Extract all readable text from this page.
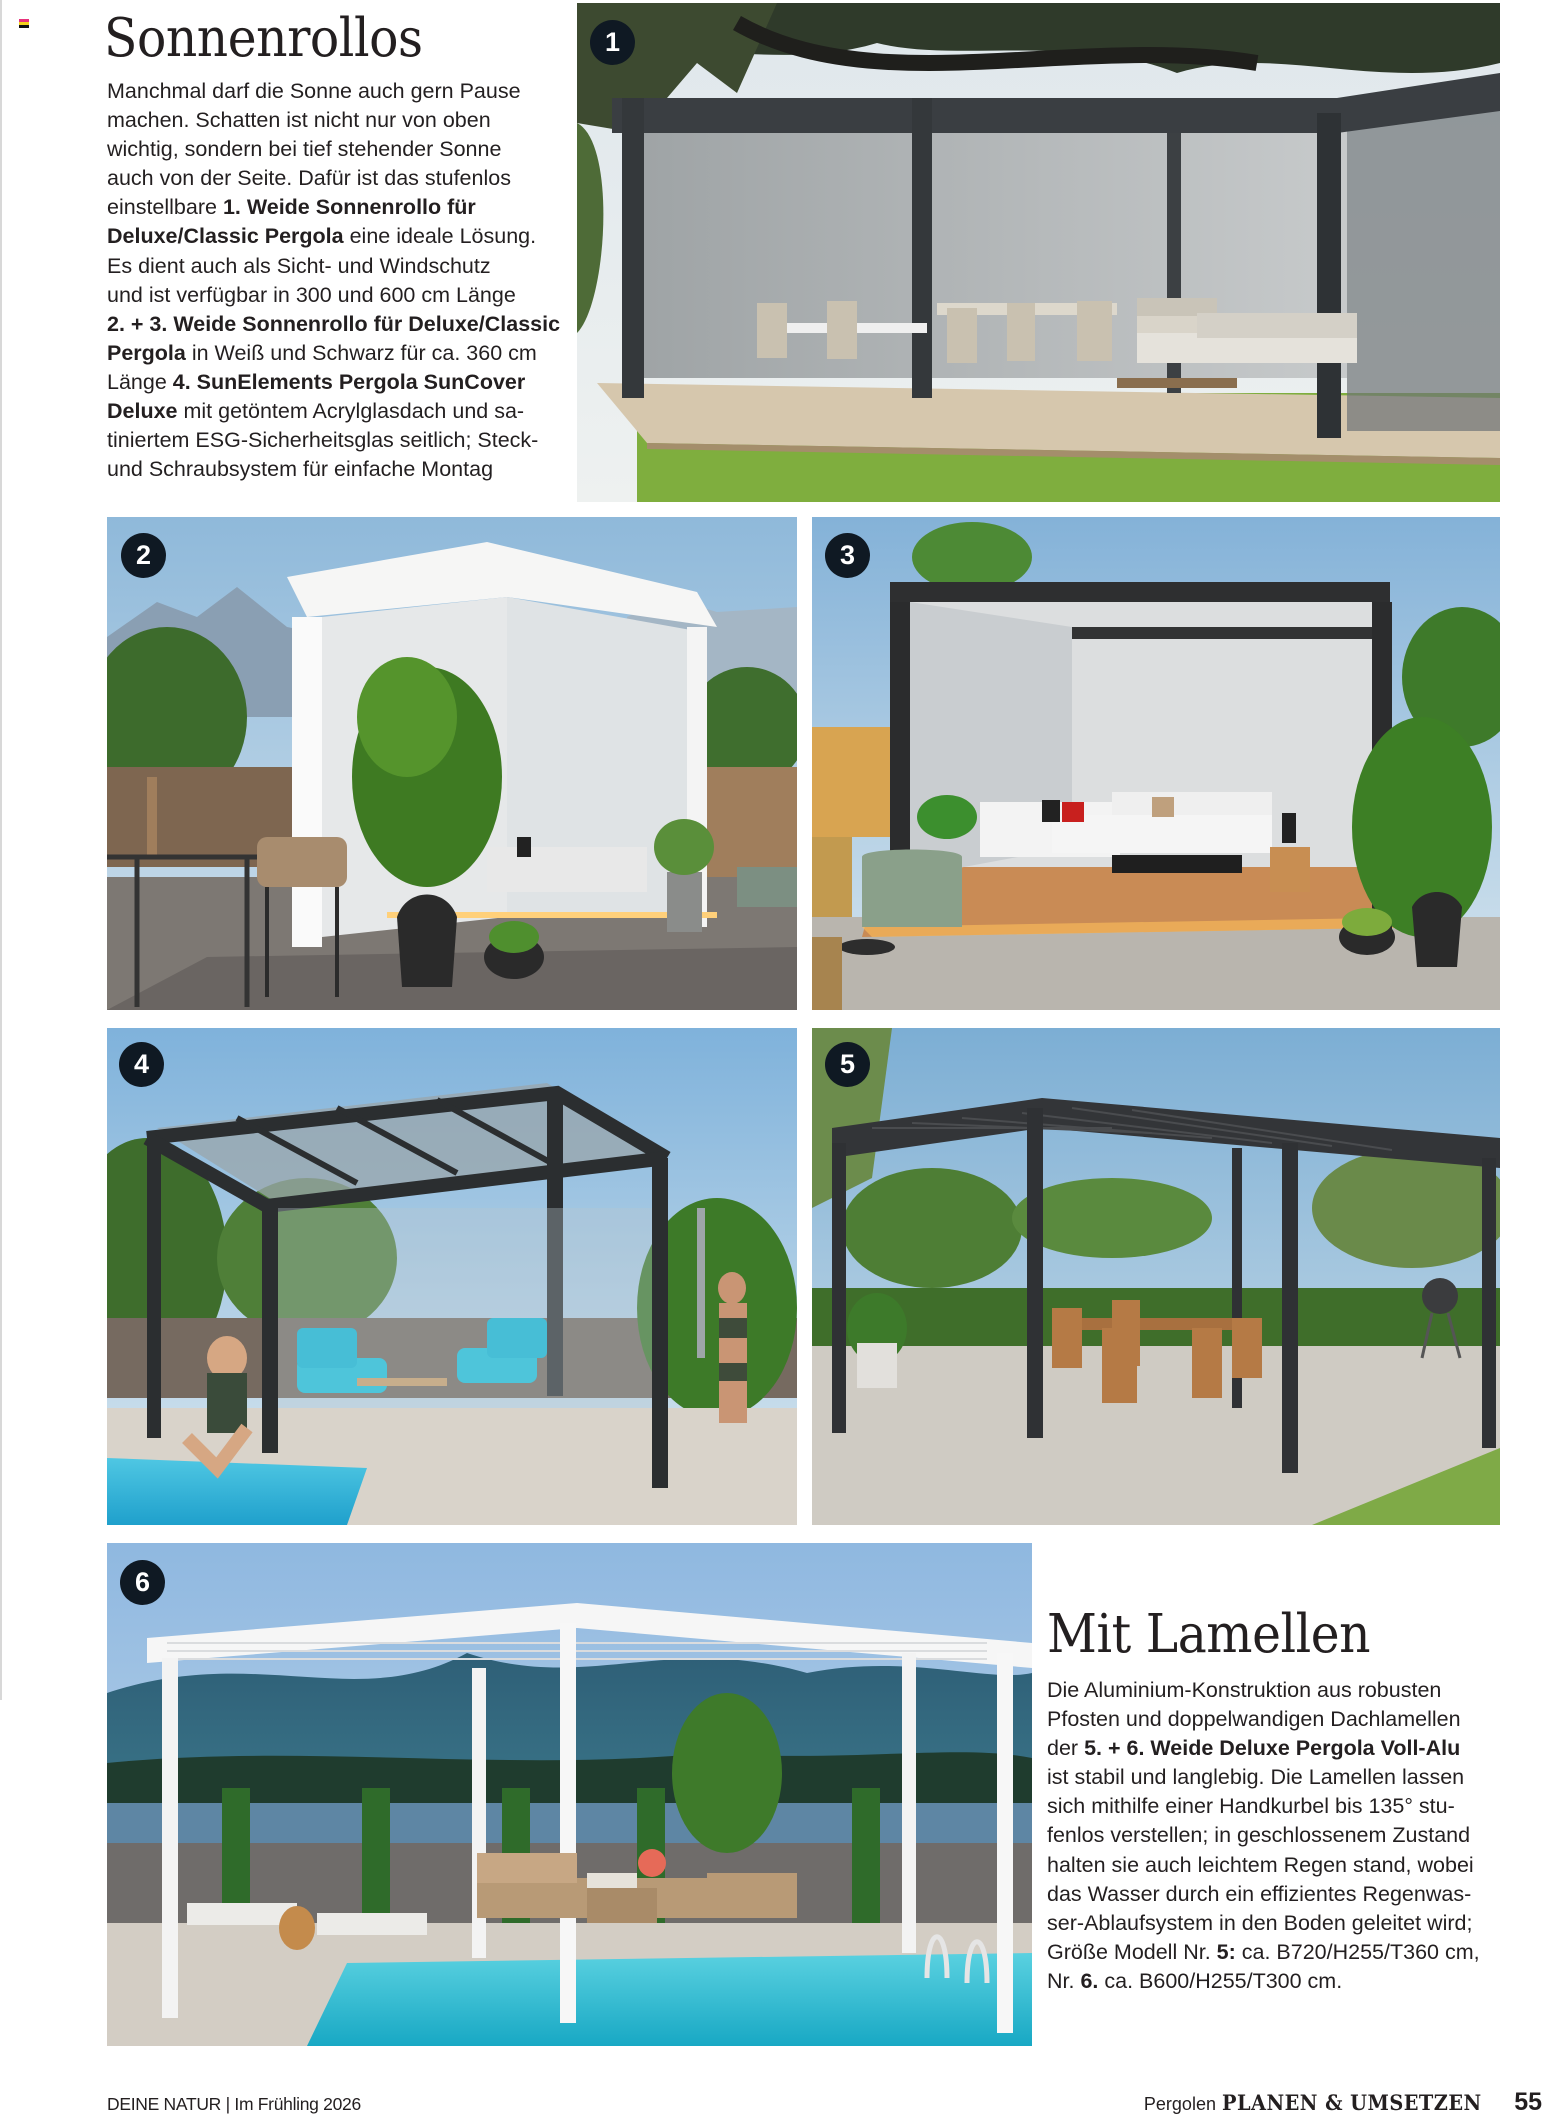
Sonnenrollos
Manchmal darf die Sonne auch gern Pause
machen. Schatten ist nicht nur von oben
wichtig, sondern bei tief stehender Sonne
auch von der Seite. Dafür ist das stufenlos
einstellbare 1. Weide Sonnenrollo für
Deluxe/Classic Pergola eine ideale Lösung.
Es dient auch als Sicht- und Windschutz
und ist verfügbar in 300 und 600 cm Länge
2. + 3. Weide Sonnenrollo für Deluxe/Classic
Pergola in Weiß und Schwarz für ca. 360 cm
Länge 4. SunElements Pergola SunCover
Deluxe mit getöntem Acrylglasdach und sa-
tiniertem ESG-Sicherheitsglas seitlich; Steck-
und Schraubsystem für einfache Montag
1
2	3
4	5
6
Mit Lamellen
Die Aluminium-Konstruktion aus robusten
Pfosten und doppelwandigen Dachlamellen
der 5. + 6. Weide Deluxe Pergola Voll-Alu
ist stabil und langlebig. Die Lamellen lassen
sich mithilfe einer Handkurbel bis 135° stu-
fenlos verstellen; in geschlossenem Zustand
halten sie auch leichtem Regen stand, wobei
das Wasser durch ein effizientes Regenwas-
ser-Ablaufsystem in den Boden geleitet wird;
Größe Modell Nr. 5: ca. B720/H255/T360 cm,
Nr. 6. ca. B600/H255/T300 cm.
DEINE NATUR | Im Frühling 2026	Pergolen PLANEN & UMSETZEN 55
